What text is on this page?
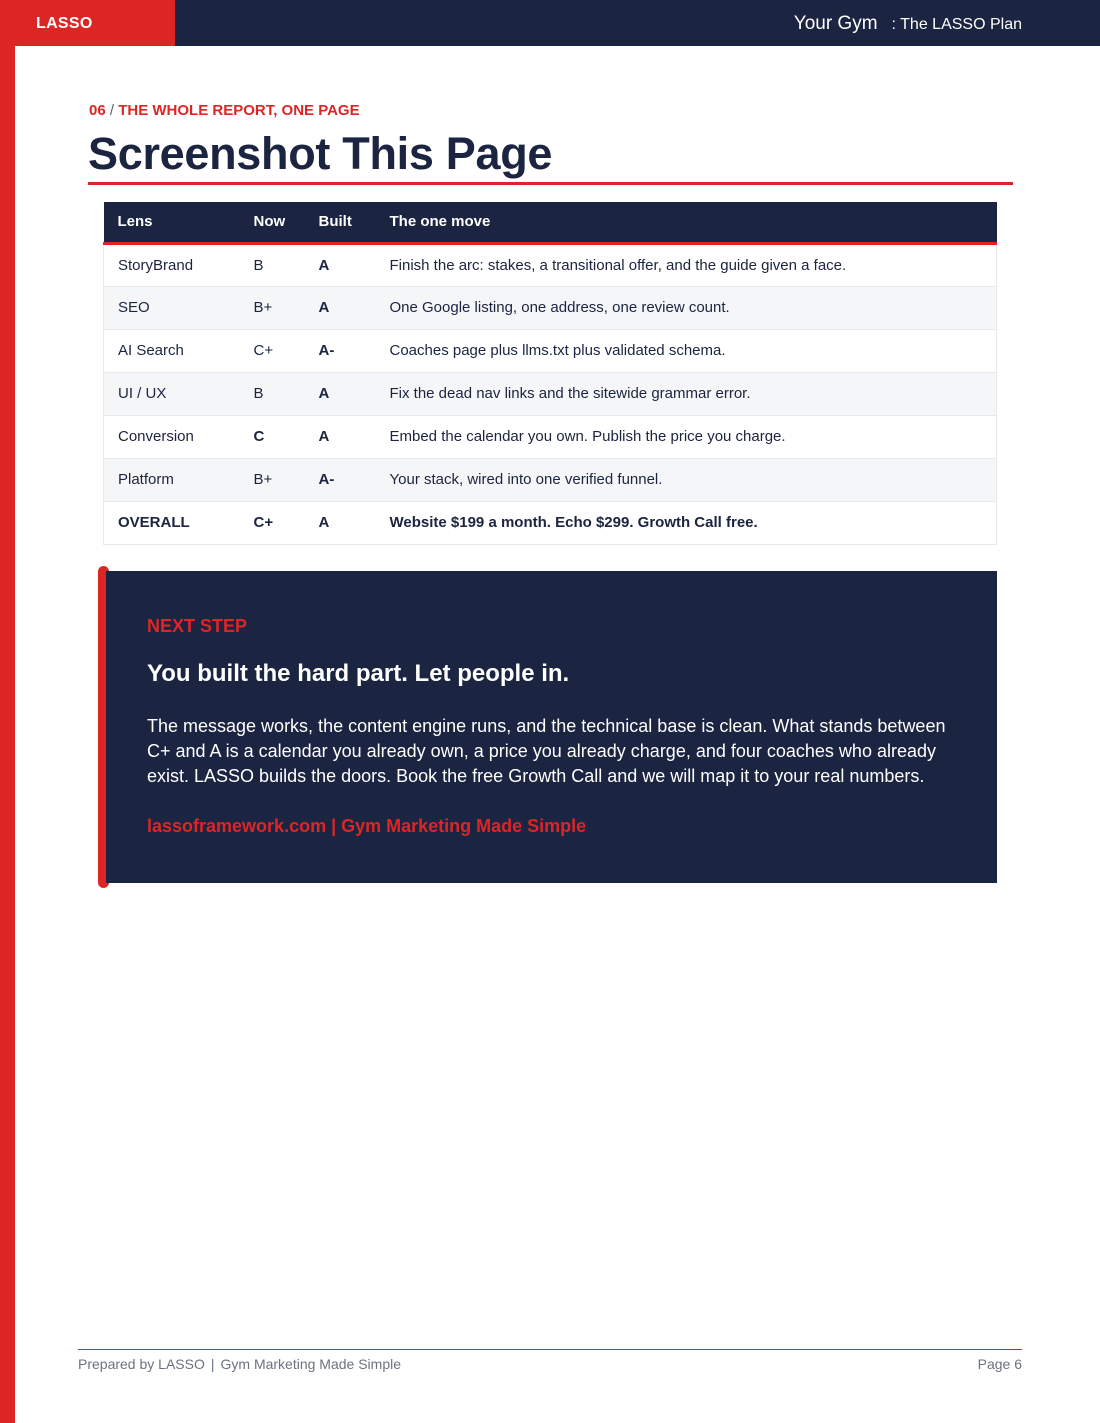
LASSO	Your Gym : The LASSO Plan
06 / THE WHOLE REPORT, ONE PAGE
Screenshot This Page
Lens	Now	Built	The one move
StoryBrand	B	A	Finish the arc: stakes, a transitional offer, and the guide given a face.
SEO	B+	A	One Google listing, one address, one review count.
AI Search	C+	A-	Coaches page plus llms.txt plus validated schema.
UI / UX	B	A	Fix the dead nav links and the sitewide grammar error.
Conversion	C	A	Embed the calendar you own. Publish the price you charge.
Platform	B+	A-	Your stack, wired into one verified funnel.
OVERALL	C+	A	Website $199 a month. Echo $299. Growth Call free.
NEXT STEP
You built the hard part. Let people in.

The message works, the content engine runs, and the technical base is clean. What stands between C+ and A is a calendar you already own, a price you already charge, and four coaches who already exist. LASSO builds the doors. Book the free Growth Call and we will map it to your real numbers.

lassoframework.com | Gym Marketing Made Simple
Prepared by LASSO | Gym Marketing Made Simple	Page 6
